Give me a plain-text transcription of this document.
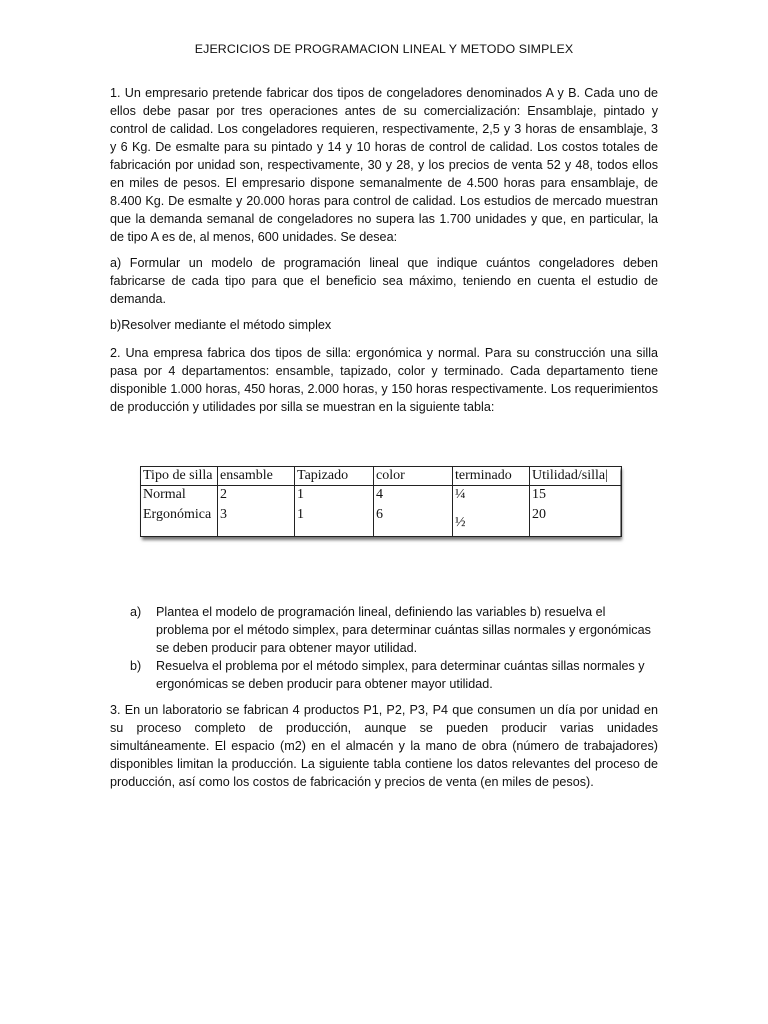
EJERCICIOS DE PROGRAMACION LINEAL Y METODO SIMPLEX

1. Un empresario pretende fabricar dos tipos de congeladores denominados A y B. Cada uno de ellos debe pasar por tres operaciones antes de su comercialización: Ensamblaje, pintado y control de calidad. Los congeladores requieren, respectivamente, 2,5 y 3 horas de ensamblaje, 3 y 6 Kg. De esmalte para su pintado y 14 y 10 horas de control de calidad. Los costos totales de fabricación por unidad son, respectivamente, 30 y 28, y los precios de venta 52 y 48, todos ellos en miles de pesos. El empresario dispone semanalmente de 4.500 horas para ensamblaje, de 8.400 Kg. De esmalte y 20.000 horas para control de calidad. Los estudios de mercado muestran que la demanda semanal de congeladores no supera las 1.700 unidades y que, en particular, la de tipo A es de, al menos, 600 unidades. Se desea:

a) Formular un modelo de programación lineal que indique cuántos congeladores deben fabricarse de cada tipo para que el beneficio sea máximo, teniendo en cuenta el estudio de demanda.

b)Resolver mediante el método simplex

2. Una empresa fabrica dos tipos de silla: ergonómica y normal. Para su construcción una silla pasa por 4 departamentos: ensamble, tapizado, color y terminado. Cada departamento tiene disponible 1.000 horas, 450 horas, 2.000 horas, y 150 horas respectivamente. Los requerimientos de producción y utilidades por silla se muestran en la siguiente tabla:

Tipo de silla	ensamble	Tapizado	color	terminado	Utilidad/silla|
Normal	2	1	4	¼	15
Ergonómica	3	1	6	½	20

a) Plantea el modelo de programación lineal, definiendo las variables b) resuelva el problema por el método simplex, para determinar cuántas sillas normales y ergonómicas se deben producir para obtener mayor utilidad.

b) Resuelva el problema por el método simplex, para determinar cuántas sillas normales y ergonómicas se deben producir para obtener mayor utilidad.

3. En un laboratorio se fabrican 4 productos P1, P2, P3, P4 que consumen un día por unidad en su proceso completo de producción, aunque se pueden producir varias unidades simultáneamente. El espacio (m2) en el almacén y la mano de obra (número de trabajadores) disponibles limitan la producción. La siguiente tabla contiene los datos relevantes del proceso de producción, así como los costos de fabricación y precios de venta (en miles de pesos).
